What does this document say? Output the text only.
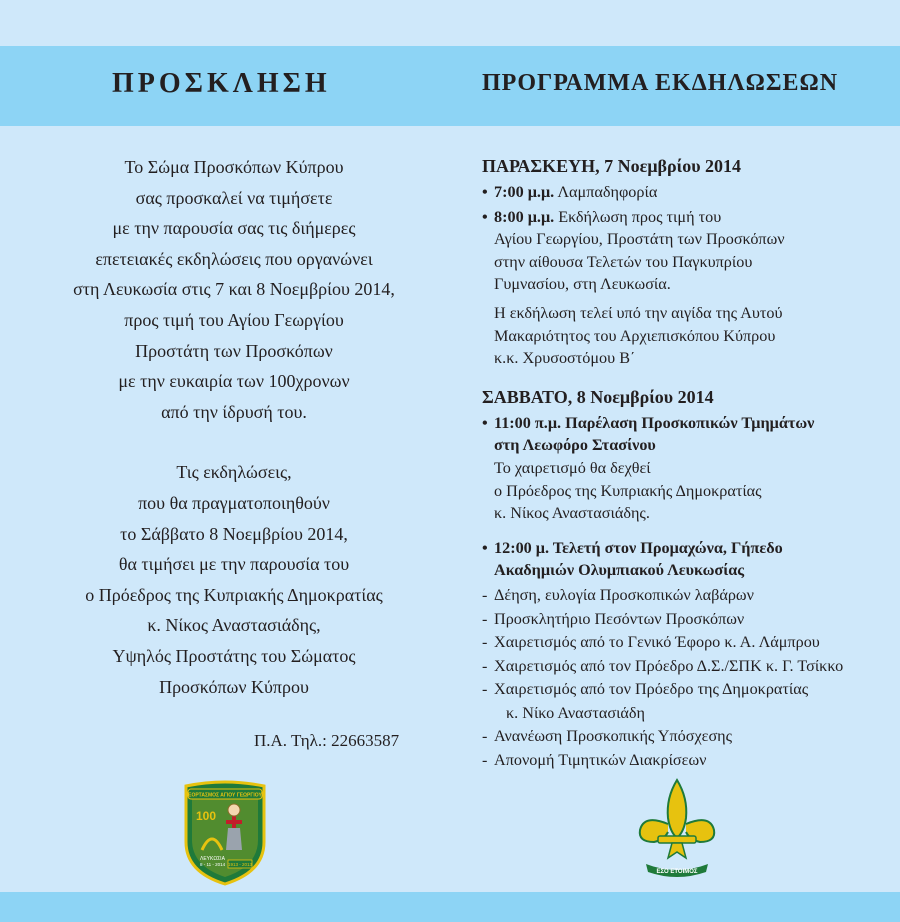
ΠΡΟΣΚΛΗΣΗ	ΠΡΟΓΡΑΜΜΑ ΕΚΔΗΛΩΣΕΩΝ
Το Σώμα Προσκόπων Κύπρου
σας προσκαλεί να τιμήσετε
με την παρουσία σας τις διήμερες
επετειακές εκδηλώσεις που οργανώνει
στη Λευκωσία στις 7 και 8 Νοεμβρίου 2014,
προς τιμή του Αγίου Γεωργίου
Προστάτη των Προσκόπων
με την ευκαιρία των 100χρονων
από την ίδρυσή του.
Τις εκδηλώσεις,
που θα πραγματοποιηθούν
το Σάββατο 8 Νοεμβρίου 2014,
θα τιμήσει με την παρουσία του
ο Πρόεδρος της Κυπριακής Δημοκρατίας
κ. Νίκος Αναστασιάδης,
Υψηλός Προστάτης του Σώματος
Προσκόπων Κύπρου
Π.Α. Τηλ.: 22663587
ΠΑΡΑΣΚΕΥΗ, 7 Νοεμβρίου 2014
• 7:00 μ.μ. Λαμπαδηφορία
• 8:00 μ.μ. Εκδήλωση προς τιμή του
Αγίου Γεωργίου, Προστάτη των Προσκόπων
στην αίθουσα Τελετών του Παγκυπρίου
Γυμνασίου, στη Λευκωσία.
Η εκδήλωση τελεί υπό την αιγίδα της Αυτού
Μακαριότητος του Αρχιεπισκόπου Κύπρου
κ.κ. Χρυσοστόμου Β΄
ΣΑΒΒΑΤΟ, 8 Νοεμβρίου 2014
• 11:00 π.μ. Παρέλαση Προσκοπικών Τμημάτων
στη Λεωφόρο Στασίνου
Το χαιρετισμό θα δεχθεί
ο Πρόεδρος της Κυπριακής Δημοκρατίας
κ. Νίκος Αναστασιάδης.
• 12:00 μ. Τελετή στον Προμαχώνα, Γήπεδο
Ακαδημιών Ολυμπιακού Λευκωσίας
- Δέηση, ευλογία Προσκοπικών λαβάρων
- Προσκλητήριο Πεσόντων Προσκόπων
- Χαιρετισμός από το Γενικό Έφορο κ. Α. Λάμπρου
- Χαιρετισμός από τον Πρόεδρο Δ.Σ./ΣΠΚ κ. Γ. Τσίκκο
- Χαιρετισμός από τον Πρόεδρο της Δημοκρατίας
κ. Νίκο Αναστασιάδη
- Ανανέωση Προσκοπικής Υπόσχεσης
- Απονομή Τιμητικών Διακρίσεων
ΕΟΡΤΑΣΜΟΣ ΑΓΙΟΥ ΓΕΩΡΓΙΟΥ
100
ΛΕΥΚΩΣΙΑ
8 - 11 - 2014 1913 - 2013
ΕΣΟ ΕΤΟΙΜΟΣ
